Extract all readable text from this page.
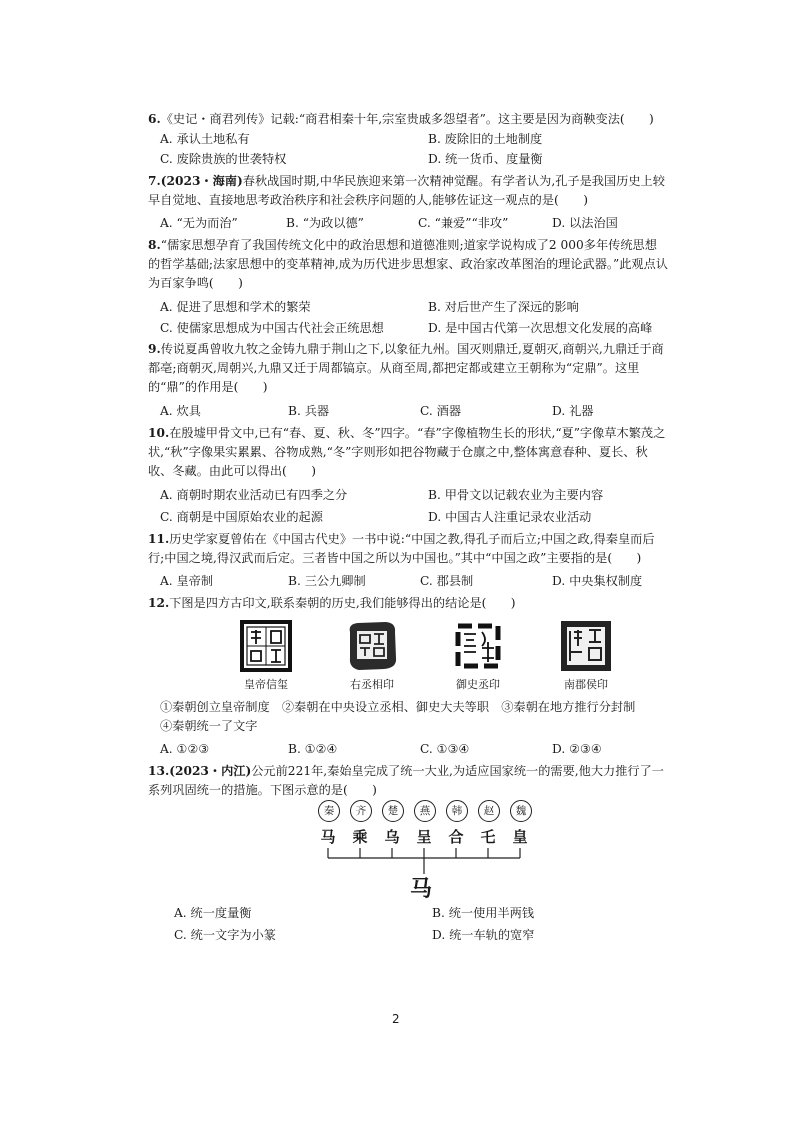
6.《史记・商君列传》记载:“商君相秦十年,宗室贵戚多怨望者”。这主要是因为商鞅变法(　　)
A. 承认土地私有	B. 废除旧的土地制度
C. 废除贵族的世袭特权	D. 统一货币、度量衡
7.(2023・海南)春秋战国时期,中华民族迎来第一次精神觉醒。有学者认为,孔子是我国历史上较早自觉地、直接地思考政治秩序和社会秩序问题的人,能够佐证这一观点的是(　　)
A. “无为而治”	B. “为政以德”	C. “兼爱”“非攻”	D. 以法治国
8.“儒家思想孕育了我国传统文化中的政治思想和道德准则;道家学说构成了2 000多年传统思想的哲学基础;法家思想中的变革精神,成为历代进步思想家、政治家改革图治的理论武器。”此观点认为百家争鸣(　　)
A. 促进了思想和学术的繁荣	B. 对后世产生了深远的影响
C. 使儒家思想成为中国古代社会正统思想	D. 是中国古代第一次思想文化发展的高峰
9.传说夏禹曾收九牧之金铸九鼎于荆山之下,以象征九州。国灭则鼎迁,夏朝灭,商朝兴,九鼎迁于商都亳;商朝灭,周朝兴,九鼎又迁于周都镐京。从商至周,都把定都或建立王朝称为“定鼎”。这里的“鼎”的作用是(　　)
A. 炊具	B. 兵器	C. 酒器	D. 礼器
10.在殷墟甲骨文中,已有“春、夏、秋、冬”四字。“春”字像植物生长的形状,“夏”字像草木繁茂之状,“秋”字像果实累累、谷物成熟,“冬”字则形如把谷物藏于仓廪之中,整体寓意春种、夏长、秋收、冬藏。由此可以得出(　　)
A. 商朝时期农业活动已有四季之分	B. 甲骨文以记载农业为主要内容
C. 商朝是中国原始农业的起源	D. 中国古人注重记录农业活动
11.历史学家夏曾佑在《中国古代史》一书中说:“中国之教,得孔子而后立;中国之政,得秦皇而后行;中国之境,得汉武而后定。三者皆中国之所以为中国也。”其中“中国之政”主要指的是(　　)
A. 皇帝制	B. 三公九卿制	C. 郡县制	D. 中央集权制度
12.下图是四方古印文,联系秦朝的历史,我们能够得出的结论是(　　)
皇帝信玺	右丞相印	御史丞印	南郡侯印
①秦朝创立皇帝制度　②秦朝在中央设立丞相、御史大夫等职　③秦朝在地方推行分封制
④秦朝统一了文字
A. ①②③	B. ①②④	C. ①③④	D. ②③④
13.(2023・内江)公元前221年,秦始皇完成了统一大业,为适应国家统一的需要,他大力推行了一系列巩固统一的措施。下图示意的是(　　)
秦	齐	楚	燕	韩	赵	魏
马	乘	乌	呈	合	乇	皇
马
A. 统一度量衡	B. 统一使用半两钱
C. 统一文字为小篆	D. 统一车轨的宽窄
2
